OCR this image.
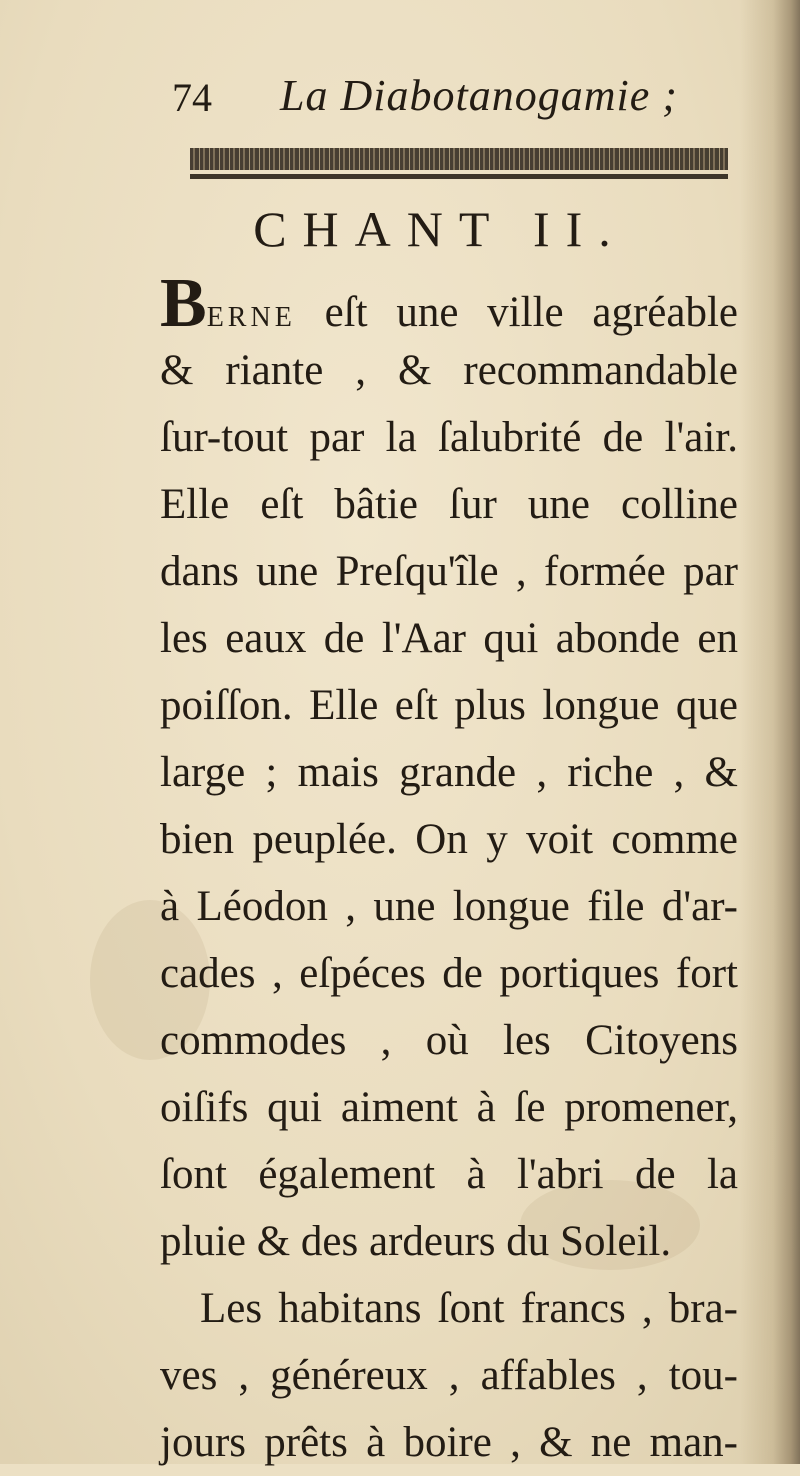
74 La Diabotanogamie ;
CHANT II.
BERNE eſt une ville agréable
& riante , & recommandable
ſur-tout par la ſalubrité de l'air.
Elle eſt bâtie ſur une colline
dans une Preſqu'île , formée par
les eaux de l'Aar qui abonde en
poiſſon. Elle eſt plus longue que
large ; mais grande , riche , &
bien peuplée. On y voit comme
à Léodon , une longue file d'ar-
cades , eſpéces de portiques fort
commodes , où les Citoyens
oiſifs qui aiment à ſe promener,
ſont également à l'abri de la
pluie & des ardeurs du Soleil.
Les habitans ſont francs , bra-
ves , généreux , affables , tou-
jours prêts à boire , & ne man-
